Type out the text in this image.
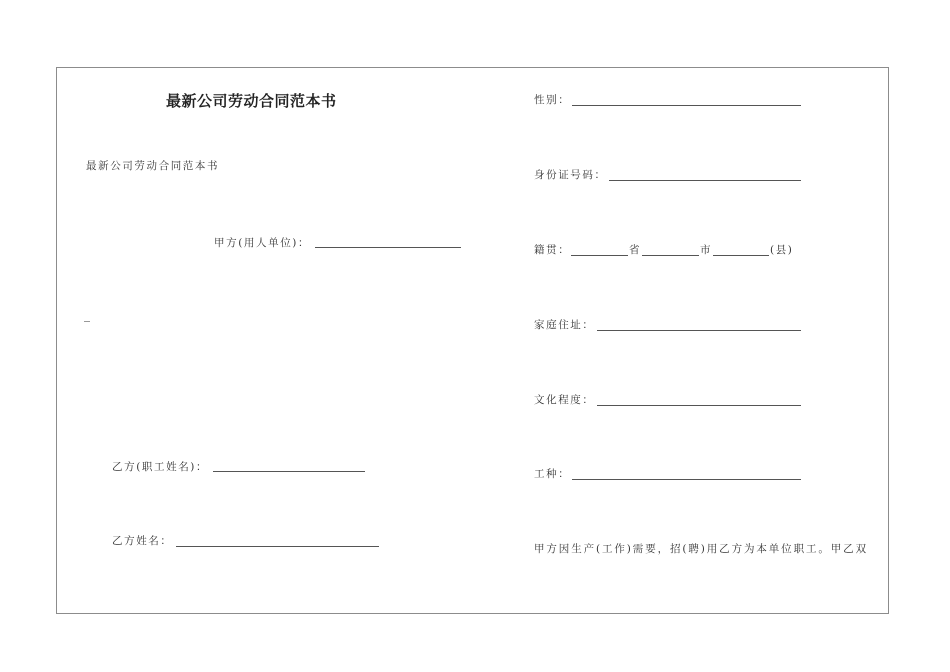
最新公司劳动合同范本书
最新公司劳动合同范本书
甲方(用人单位)：
乙方(职工姓名)：
乙方姓名：
性别：
身份证号码：
籍贯：	省	市	(县)
家庭住址：
文化程度：
工种：
甲方因生产(工作)需要，招(聘)用乙方为本单位职工。甲乙双
